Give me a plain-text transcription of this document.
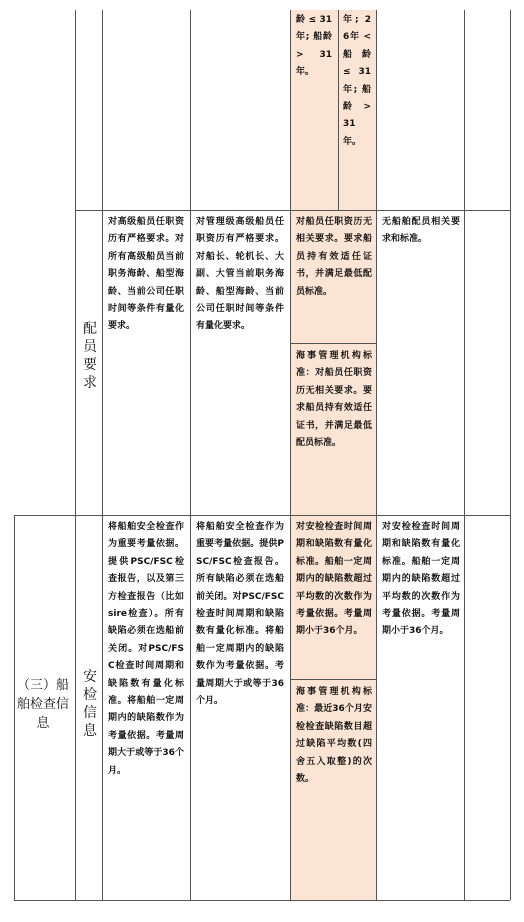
龄 ≤ 31年; 船龄 > 31年。
年; 26年 < 船龄 ≤ 31年; 船龄 > 31年。
配员要求
对高级船员任职资历有严格要求。对所有高级船员当前职务海龄、船型海龄、当前公司任职时间等条件有量化要求。
对管理级高级船员任职资历有严格要求。对船长、轮机长、大副、大管当前职务海龄、船型海龄、当前公司任职时间等条件有量化要求。
对船员任职资历无相关要求。要求船员持有效适任证书，并满足最低配员标准。
海事管理机构标准：对船员任职资历无相关要求。要求船员持有效适任证书，并满足最低配员标准。
无船舶配员相关要求和标准。
（三）船舶检查信息
安检信息
将船舶安全检查作为重要考量依据。提供PSC/FSC检查报告，以及第三方检查报告（比如sire检查）。所有缺陷必须在选船前关闭。对PSC/FSC检查时间周期和缺陷数有量化标准。将船舶一定周期内的缺陷数作为考量依据。考量周期大于或等于36个月。
将船舶安全检查作为重要考量依据。提供PSC/FSC检查报告。所有缺陷必须在选船前关闭。对PSC/FSC检查时间周期和缺陷数有量化标准。将船舶一定周期内的缺陷数作为考量依据。考量周期大于或等于36个月。
对安检检查时间周期和缺陷数有量化标准。船舶一定周期内的缺陷数超过平均数的次数作为考量依据。考量周期小于36个月。
海事管理机构标准：最近36个月安检检查缺陷数目超过缺陷平均数(四舍五入取整)的次数。
对安检检查时间周期和缺陷数有量化标准。船舶一定周期内的缺陷数超过平均数的次数作为考量依据。考量周期小于36个月。
